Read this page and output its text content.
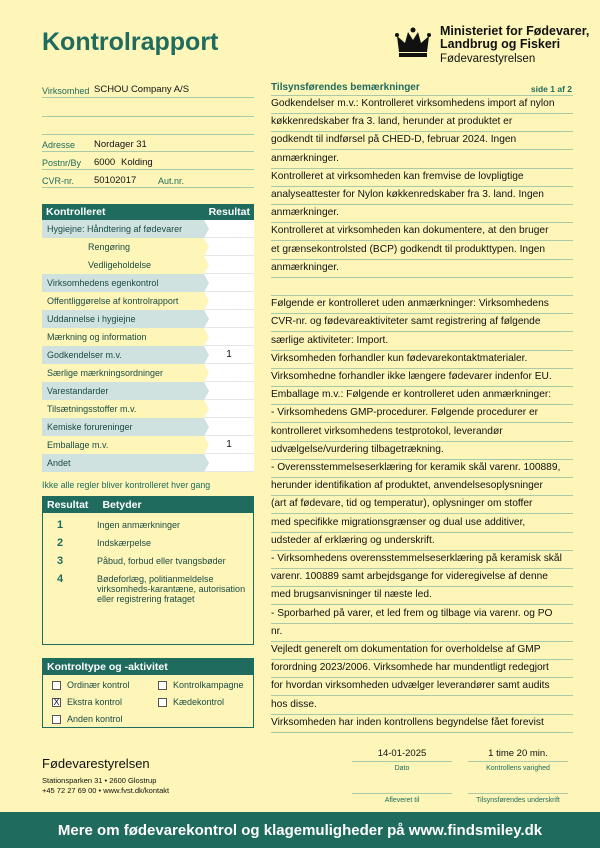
Kontrolrapport	Ministeriet for Fødevarer,
Landbrug og Fiskeri
Fødevarestyrelsen
Virksomhed SCHOU Company A/S
Adresse Nordager 31
Postnr/By 6000 Kolding
CVR-nr. 50102017 Aut.nr.
Kontrolleret	Resultat
Hygiejne: Håndtering af fødevarer
Rengøring
Vedligeholdelse
Virksomhedens egenkontrol
Offentliggørelse af kontrolrapport
Uddannelse i hygiejne
Mærkning og information
Godkendelser m.v.	1
Særlige mærkningsordninger
Varestandarder
Tilsætningsstoffer m.v.
Kemiske forureninger
Emballage m.v.	1
Andet
Ikke alle regler bliver kontrolleret hver gang
Resultat Betyder
1	Ingen anmærkninger
2	Indskærpelse
3	Påbud, forbud eller tvangsbøder
4	Bødeforlæg, politianmeldelse virksomheds-karantæne, autorisation eller registrering frataget
Kontroltype og -aktivitet
Ordinær kontrol	Kontrolkampagne
X Ekstra kontrol	Kædekontrol
Anden kontrol
Tilsynsførendes bemærkninger	side 1 af 2
Godkendelser m.v.: Kontrolleret virksomhedens import af nylon
køkkenredskaber fra 3. land, herunder at produktet er
godkendt til indførsel på CHED-D, februar 2024. Ingen
anmærkninger.
Kontrolleret at virksomheden kan fremvise de lovpligtige
analyseattester for Nylon køkkenredskaber fra 3. land. Ingen
anmærkninger.
Kontrolleret at virksomheden kan dokumentere, at den bruger
et grænsekontrolsted (BCP) godkendt til produkttypen. Ingen
anmærkninger.
Følgende er kontrolleret uden anmærkninger: Virksomhedens
CVR-nr. og fødevareaktiviteter samt registrering af følgende
særlige aktiviteter: Import.
Virksomheden forhandler kun fødevarekontaktmaterialer.
Virksomhedne forhandler ikke længere fødevarer indenfor EU.
Emballage m.v.: Følgende er kontrolleret uden anmærkninger:
- Virksomhedens GMP-procedurer. Følgende procedurer er
kontrolleret virksomhedens testprotokol, leverandør
udvælgelse/vurdering tilbagetrækning.
- Overensstemmelseserklæring for keramik skål varenr. 100889,
herunder identifikation af produktet, anvendelsesoplysninger
(art af fødevare, tid og temperatur), oplysninger om stoffer
med specifikke migrationsgrænser og dual use additiver,
udsteder af erklæring og underskrift.
- Virksomhedens overensstemmelseserklæring på keramisk skål
varenr. 100889 samt arbejdsgange for videregivelse af denne
med brugsanvisninger til næste led.
- Sporbarhed på varer, et led frem og tilbage via varenr. og PO
nr.
Vejledt generelt om dokumentation for overholdelse af GMP
forordning 2023/2006. Virksomhede har mundentligt redegjort
for hvordan virksomheden udvælger leverandører samt audits
hos disse.
Virksomheden har inden kontrollens begyndelse fået forevist
14-01-2025
Dato
1 time 20 min.
Kontrollens varighed
Afleveret til	Tilsynsførendes underskrift
Fødevarestyrelsen
Stationsparken 31 • 2600 Glostrup
+45 72 27 69 00 • www.fvst.dk/kontakt
Mere om fødevarekontrol og klagemuligheder på www.findsmiley.dk
